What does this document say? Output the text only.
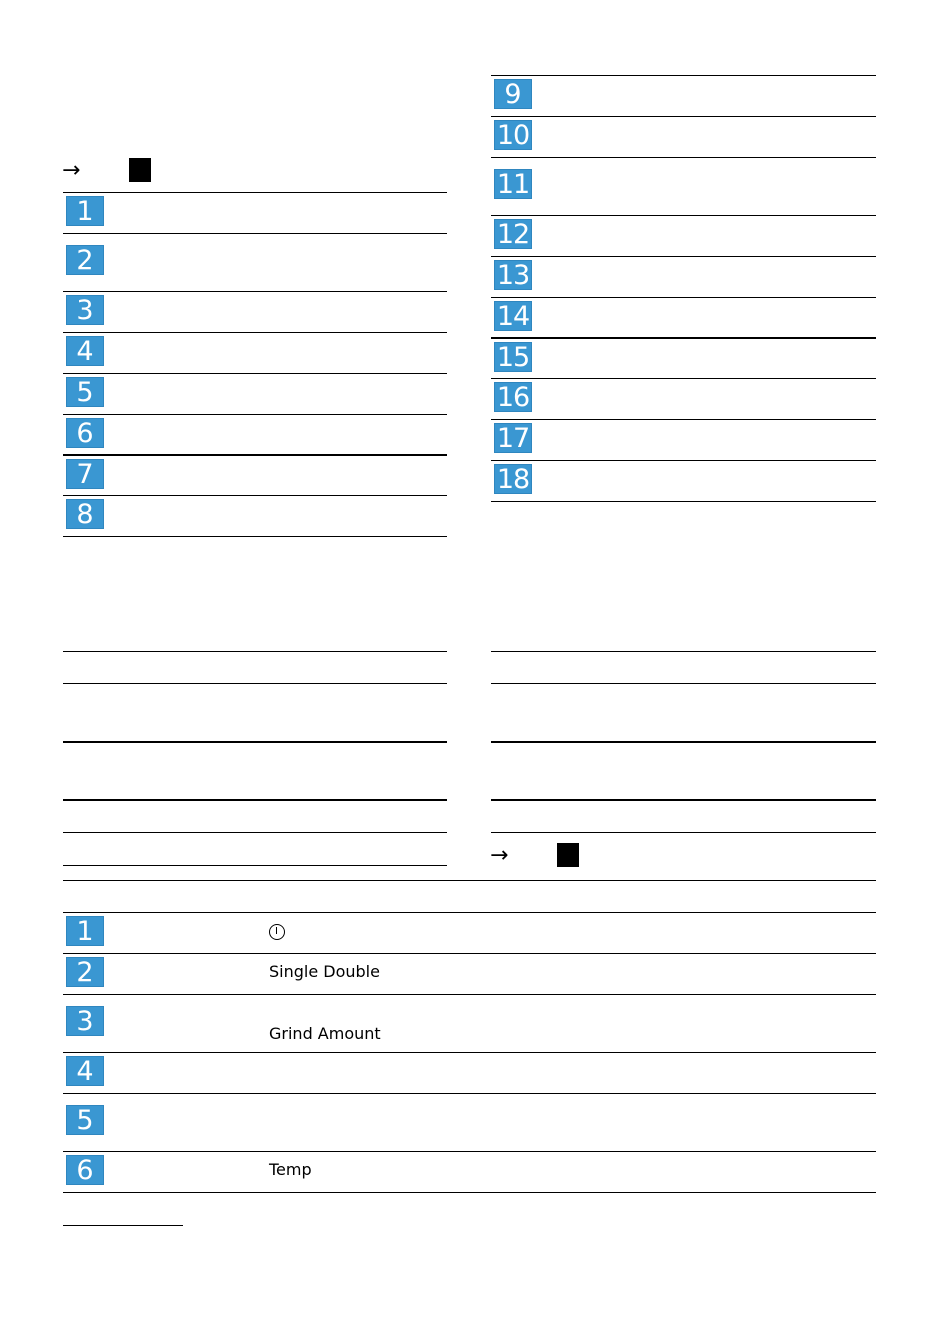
→
1
2
3
4
5
6
7
8
9
10
11
12
13
14
15
16
17
18
→
1
2	Single Double
3	Grind Amount
4
5
6	Temp
